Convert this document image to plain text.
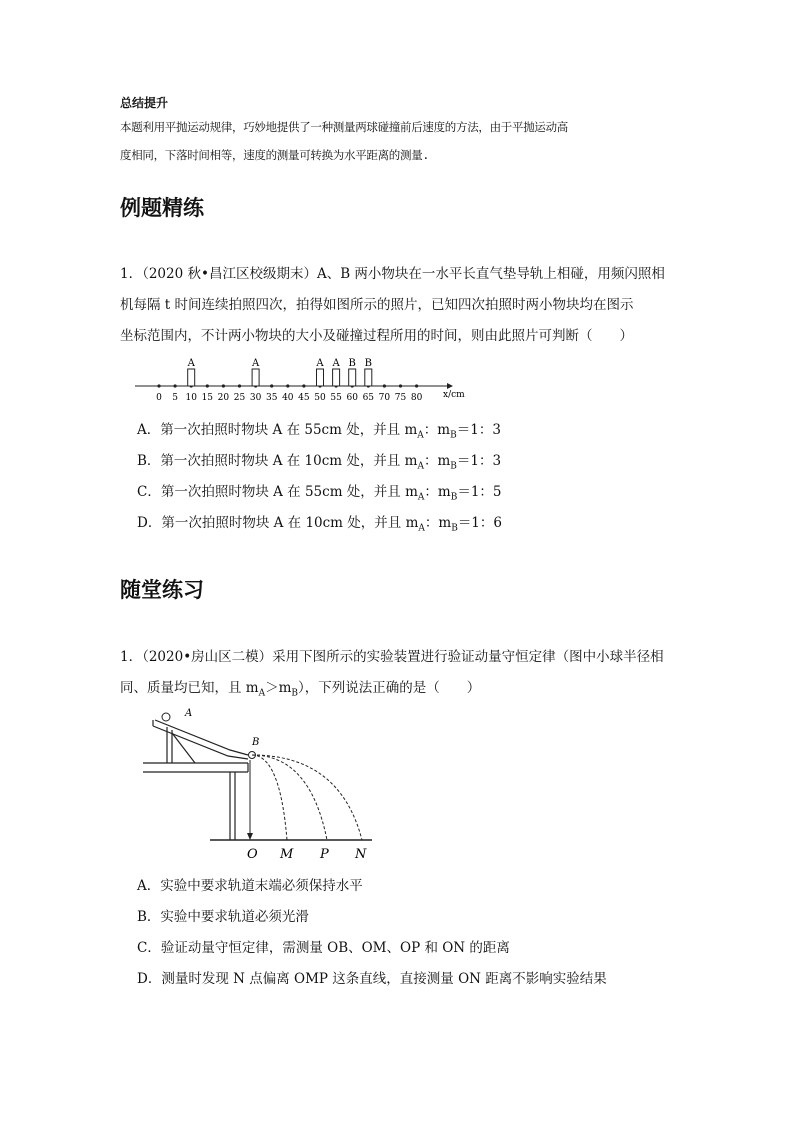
总结提升
本题利用平抛运动规律，巧妙地提供了一种测量两球碰撞前后速度的方法，由于平抛运动高
度相同，下落时间相等，速度的测量可转换为水平距离的测量.
例题精练
1．（2020 秋•昌江区校级期末）A、B 两小物块在一水平长直气垫导轨上相碰，用频闪照相
机每隔 t 时间连续拍照四次，拍得如图所示的照片，已知四次拍照时两小物块均在图示
坐标范围内，不计两小物块的大小及碰撞过程所用的时间，则由此照片可判断（　　）
x/cm
0 5 10 15 20 25 30 35 40 45 50 55 60 65 70 75 80
A	A	A A B B
A．第一次拍照时物块 A 在 55cm 处，并且 $m_A$：$m_B=1$：3
B．第一次拍照时物块 A 在 10cm 处，并且 $m_A$：$m_B=1$：3
C．第一次拍照时物块 A 在 55cm 处，并且 $m_A$：$m_B=1$：5
D．第一次拍照时物块 A 在 10cm 处，并且 $m_A$：$m_B=1$：6
随堂练习
1．（2020•房山区二模）采用下图所示的实验装置进行验证动量守恒定律（图中小球半径相
同、质量均已知，且 $m_A>m_B$），下列说法正确的是（　　）
A
B
O M P N
A．实验中要求轨道末端必须保持水平
B．实验中要求轨道必须光滑
C．验证动量守恒定律，需测量 OB、OM、OP 和 ON 的距离
D．测量时发现 N 点偏离 OMP 这条直线，直接测量 ON 距离不影响实验结果
